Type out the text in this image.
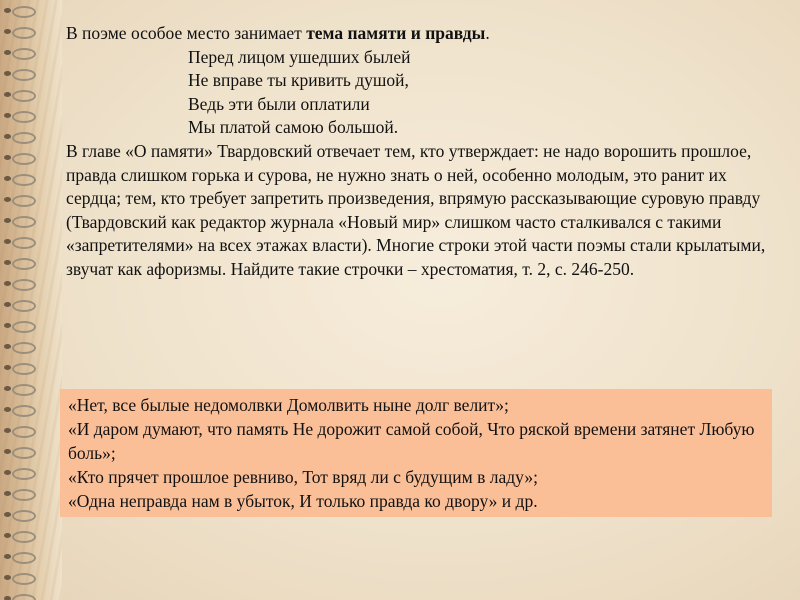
В поэме особое место занимает тема памяти и правды.

Перед лицом ушедших былей

Не вправе ты кривить душой,

Ведь эти были оплатили

Мы платой самою большой.

В главе «О памяти» Твардовский отвечает тем, кто утверждает: не надо ворошить прошлое, правда слишком горька и сурова, не нужно знать о ней, особенно молодым, это ранит их сердца; тем, кто требует запретить произведения, впрямую рассказывающие суровую правду (Твардовский как редактор журнала «Новый мир» слишком часто сталкивался с такими «запретителями» на всех этажах власти). Многие строки этой части поэмы стали крылатыми, звучат как афоризмы. Найдите такие строчки – хрестоматия, т. 2, с. 246-250.

«Нет, все былые недомолвки Домолвить ныне долг велит»;

«И даром думают, что память Не дорожит самой собой, Что ряской времени затянет Любую боль»;

«Кто прячет прошлое ревниво, Тот вряд ли с будущим в ладу»;

«Одна неправда нам в убыток, И только правда ко двору» и др.
